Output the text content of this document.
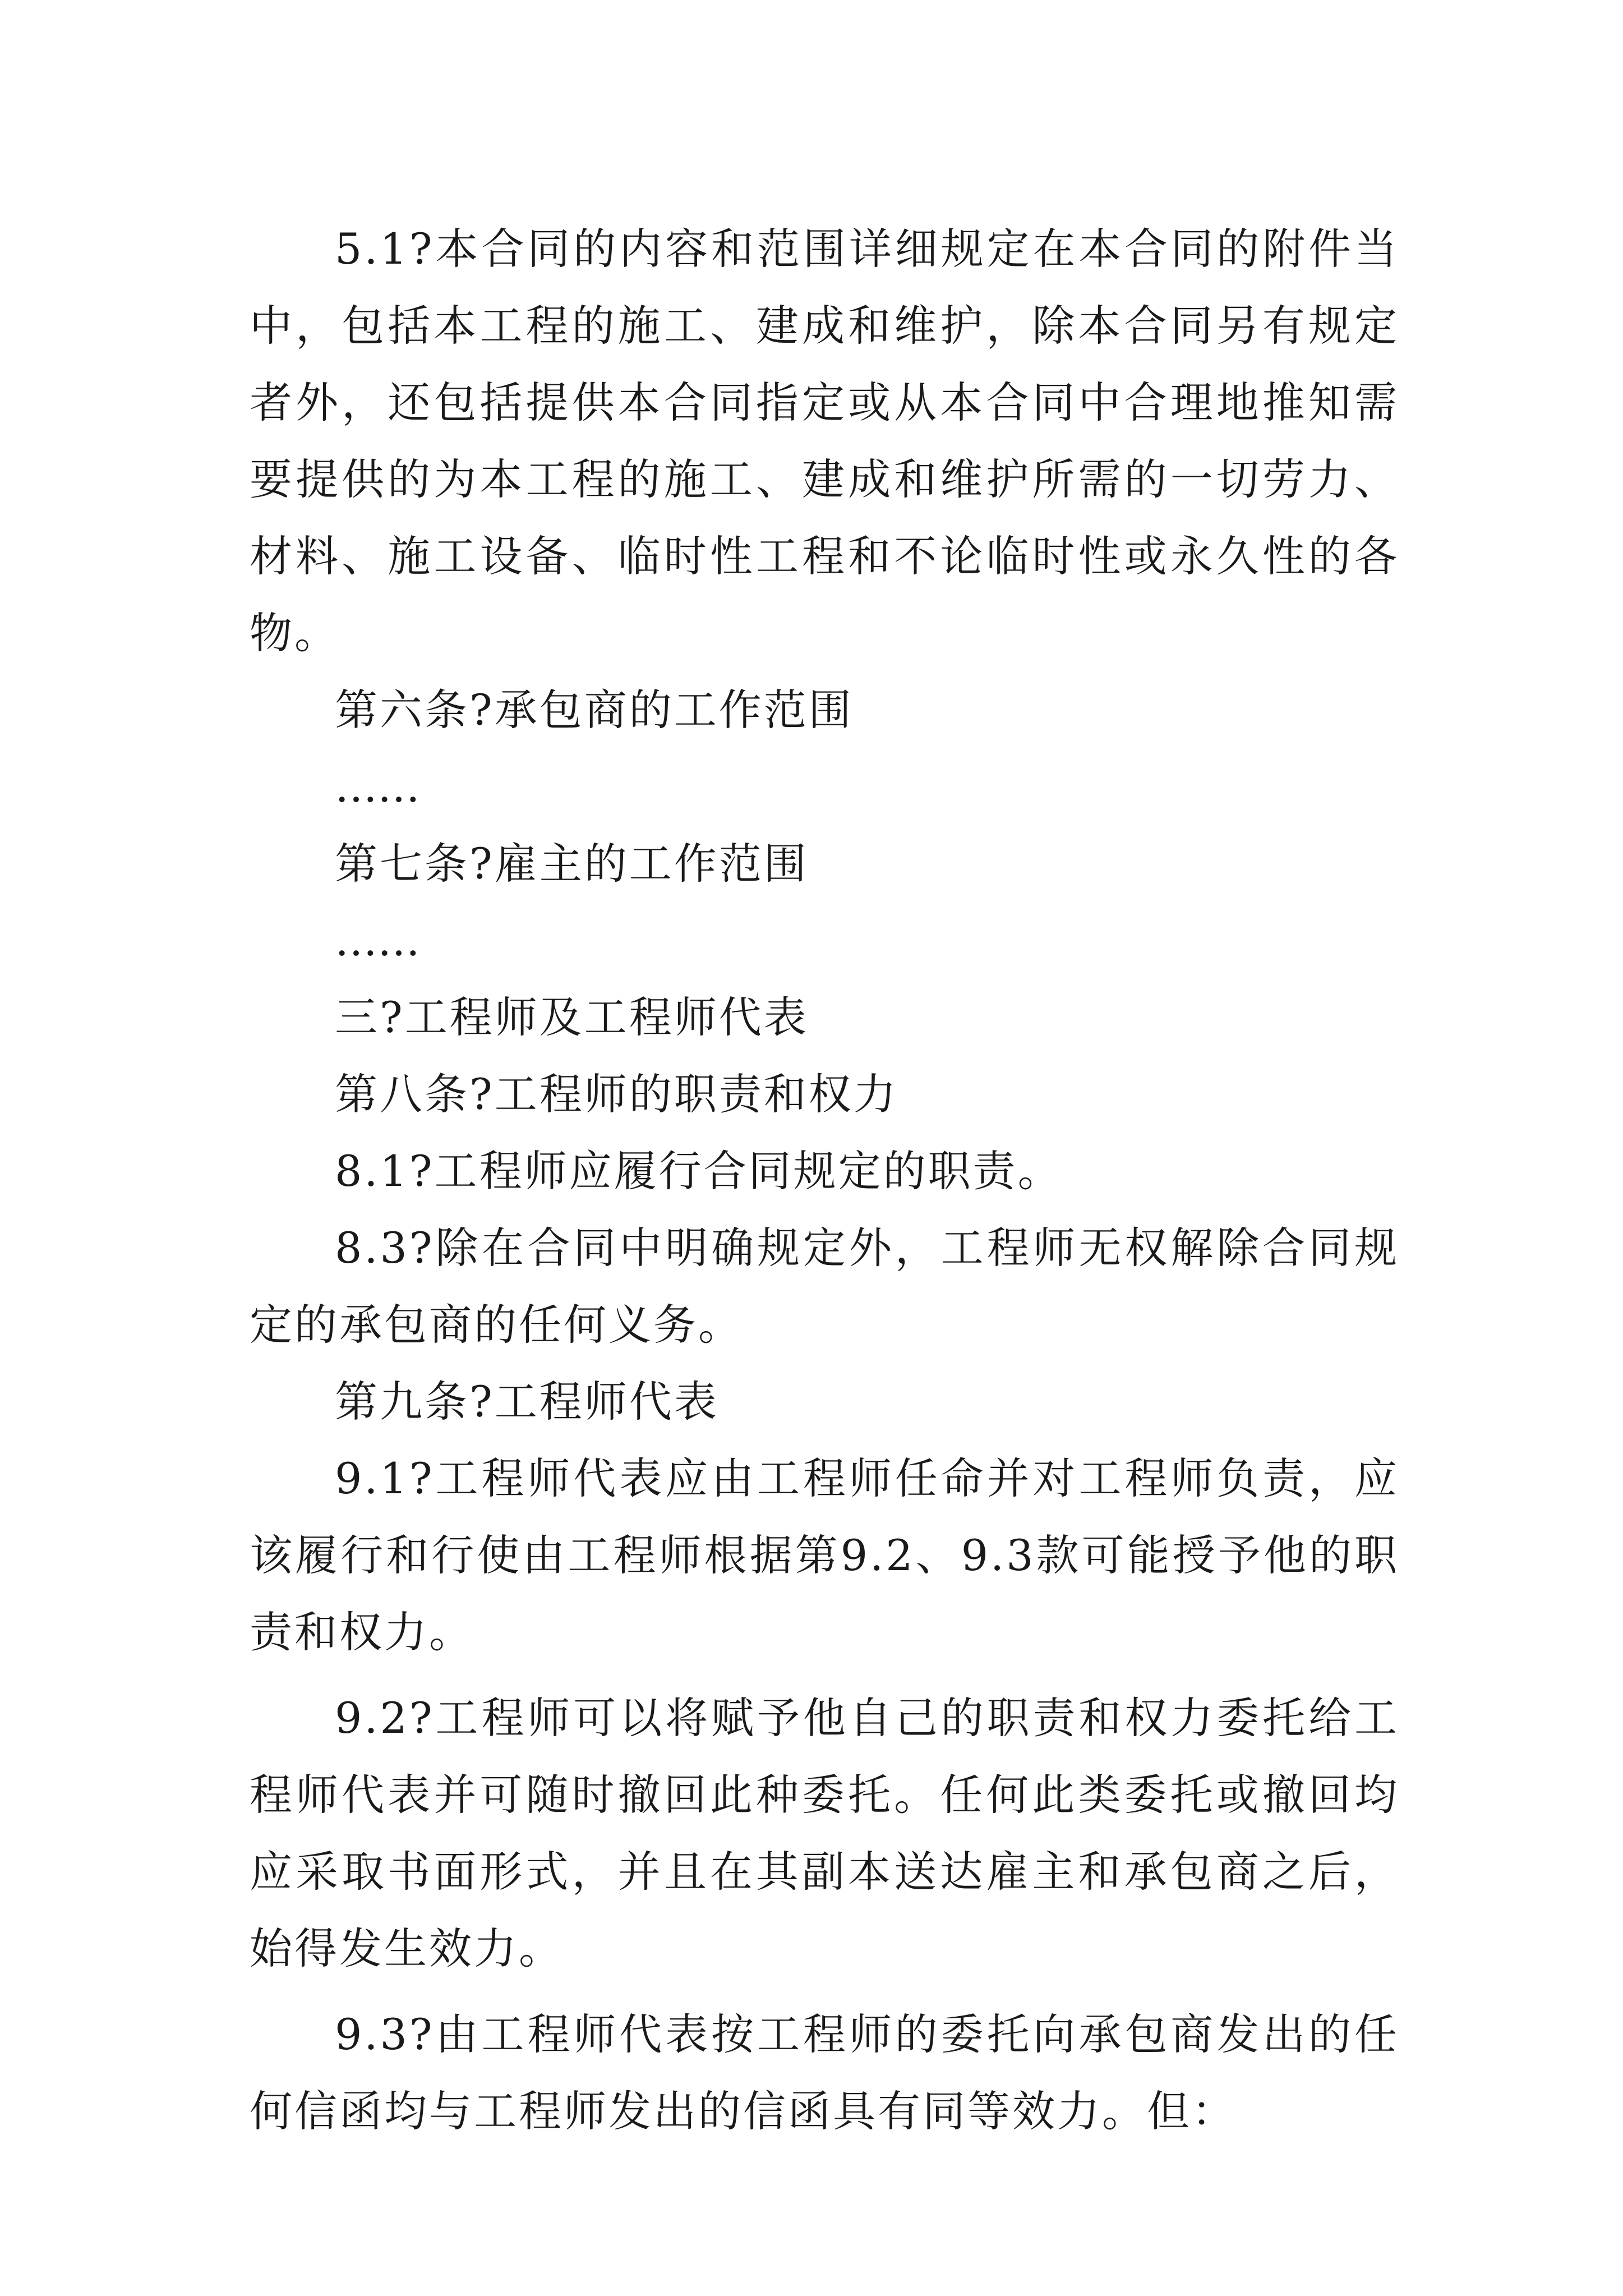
5.1?本合同的内容和范围详细规定在本合同的附件当中，包括本工程的施工、建成和维护，除本合同另有规定者外，还包括提供本合同指定或从本合同中合理地推知需要提供的为本工程的施工、建成和维护所需的一切劳力、材料、施工设备、临时性工程和不论临时性或永久性的各物。

第六条?承包商的工作范围

……

第七条?雇主的工作范围

……

三?工程师及工程师代表

第八条?工程师的职责和权力

8.1?工程师应履行合同规定的职责。

8.3?除在合同中明确规定外，工程师无权解除合同规定的承包商的任何义务。

第九条?工程师代表

9.1?工程师代表应由工程师任命并对工程师负责，应该履行和行使由工程师根据第9.2、9.3款可能授予他的职责和权力。

9.2?工程师可以将赋予他自己的职责和权力委托给工程师代表并可随时撤回此种委托。任何此类委托或撤回均应采取书面形式，并且在其副本送达雇主和承包商之后，始得发生效力。

9.3?由工程师代表按工程师的委托向承包商发出的任何信函均与工程师发出的信函具有同等效力。但：
